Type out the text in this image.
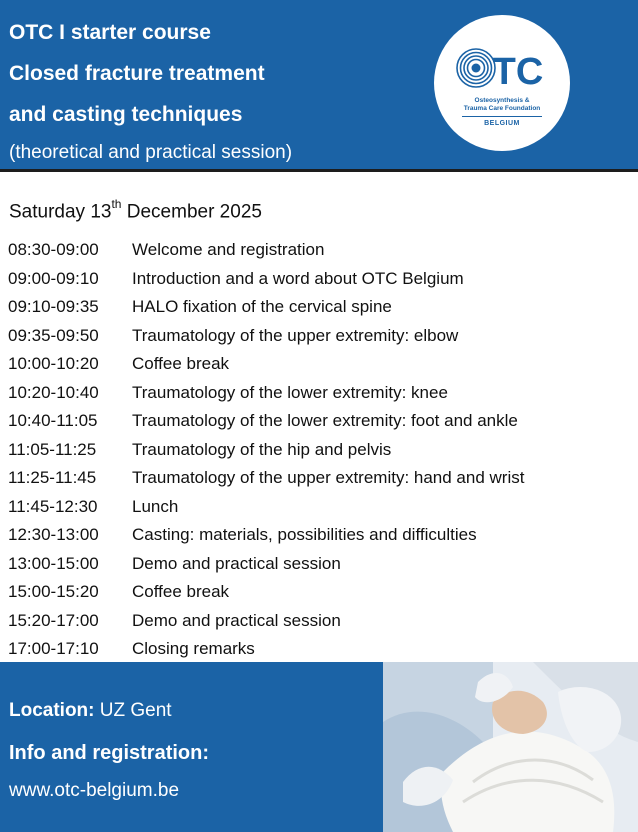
OTC I starter course
Closed fracture treatment
and casting techniques
(theoretical and practical session)
TC
Osteosynthesis &
Trauma Care Foundation
BELGIUM
Saturday 13th December 2025
08:30-09:00	Welcome and registration
09:00-09:10	Introduction and a word about OTC Belgium
09:10-09:35	HALO fixation of the cervical spine
09:35-09:50	Traumatology of the upper extremity: elbow
10:00-10:20	Coffee break
10:20-10:40	Traumatology of the lower extremity: knee
10:40-11:05	Traumatology of the lower extremity: foot and ankle
11:05-11:25	Traumatology of the hip and pelvis
11:25-11:45	Traumatology of the upper extremity: hand and wrist
11:45-12:30	Lunch
12:30-13:00	Casting: materials, possibilities and difficulties
13:00-15:00	Demo and practical session
15:00-15:20	Coffee break
15:20-17:00	Demo and practical session
17:00-17:10	Closing remarks
Location: UZ Gent
Info and registration:
www.otc-belgium.be
